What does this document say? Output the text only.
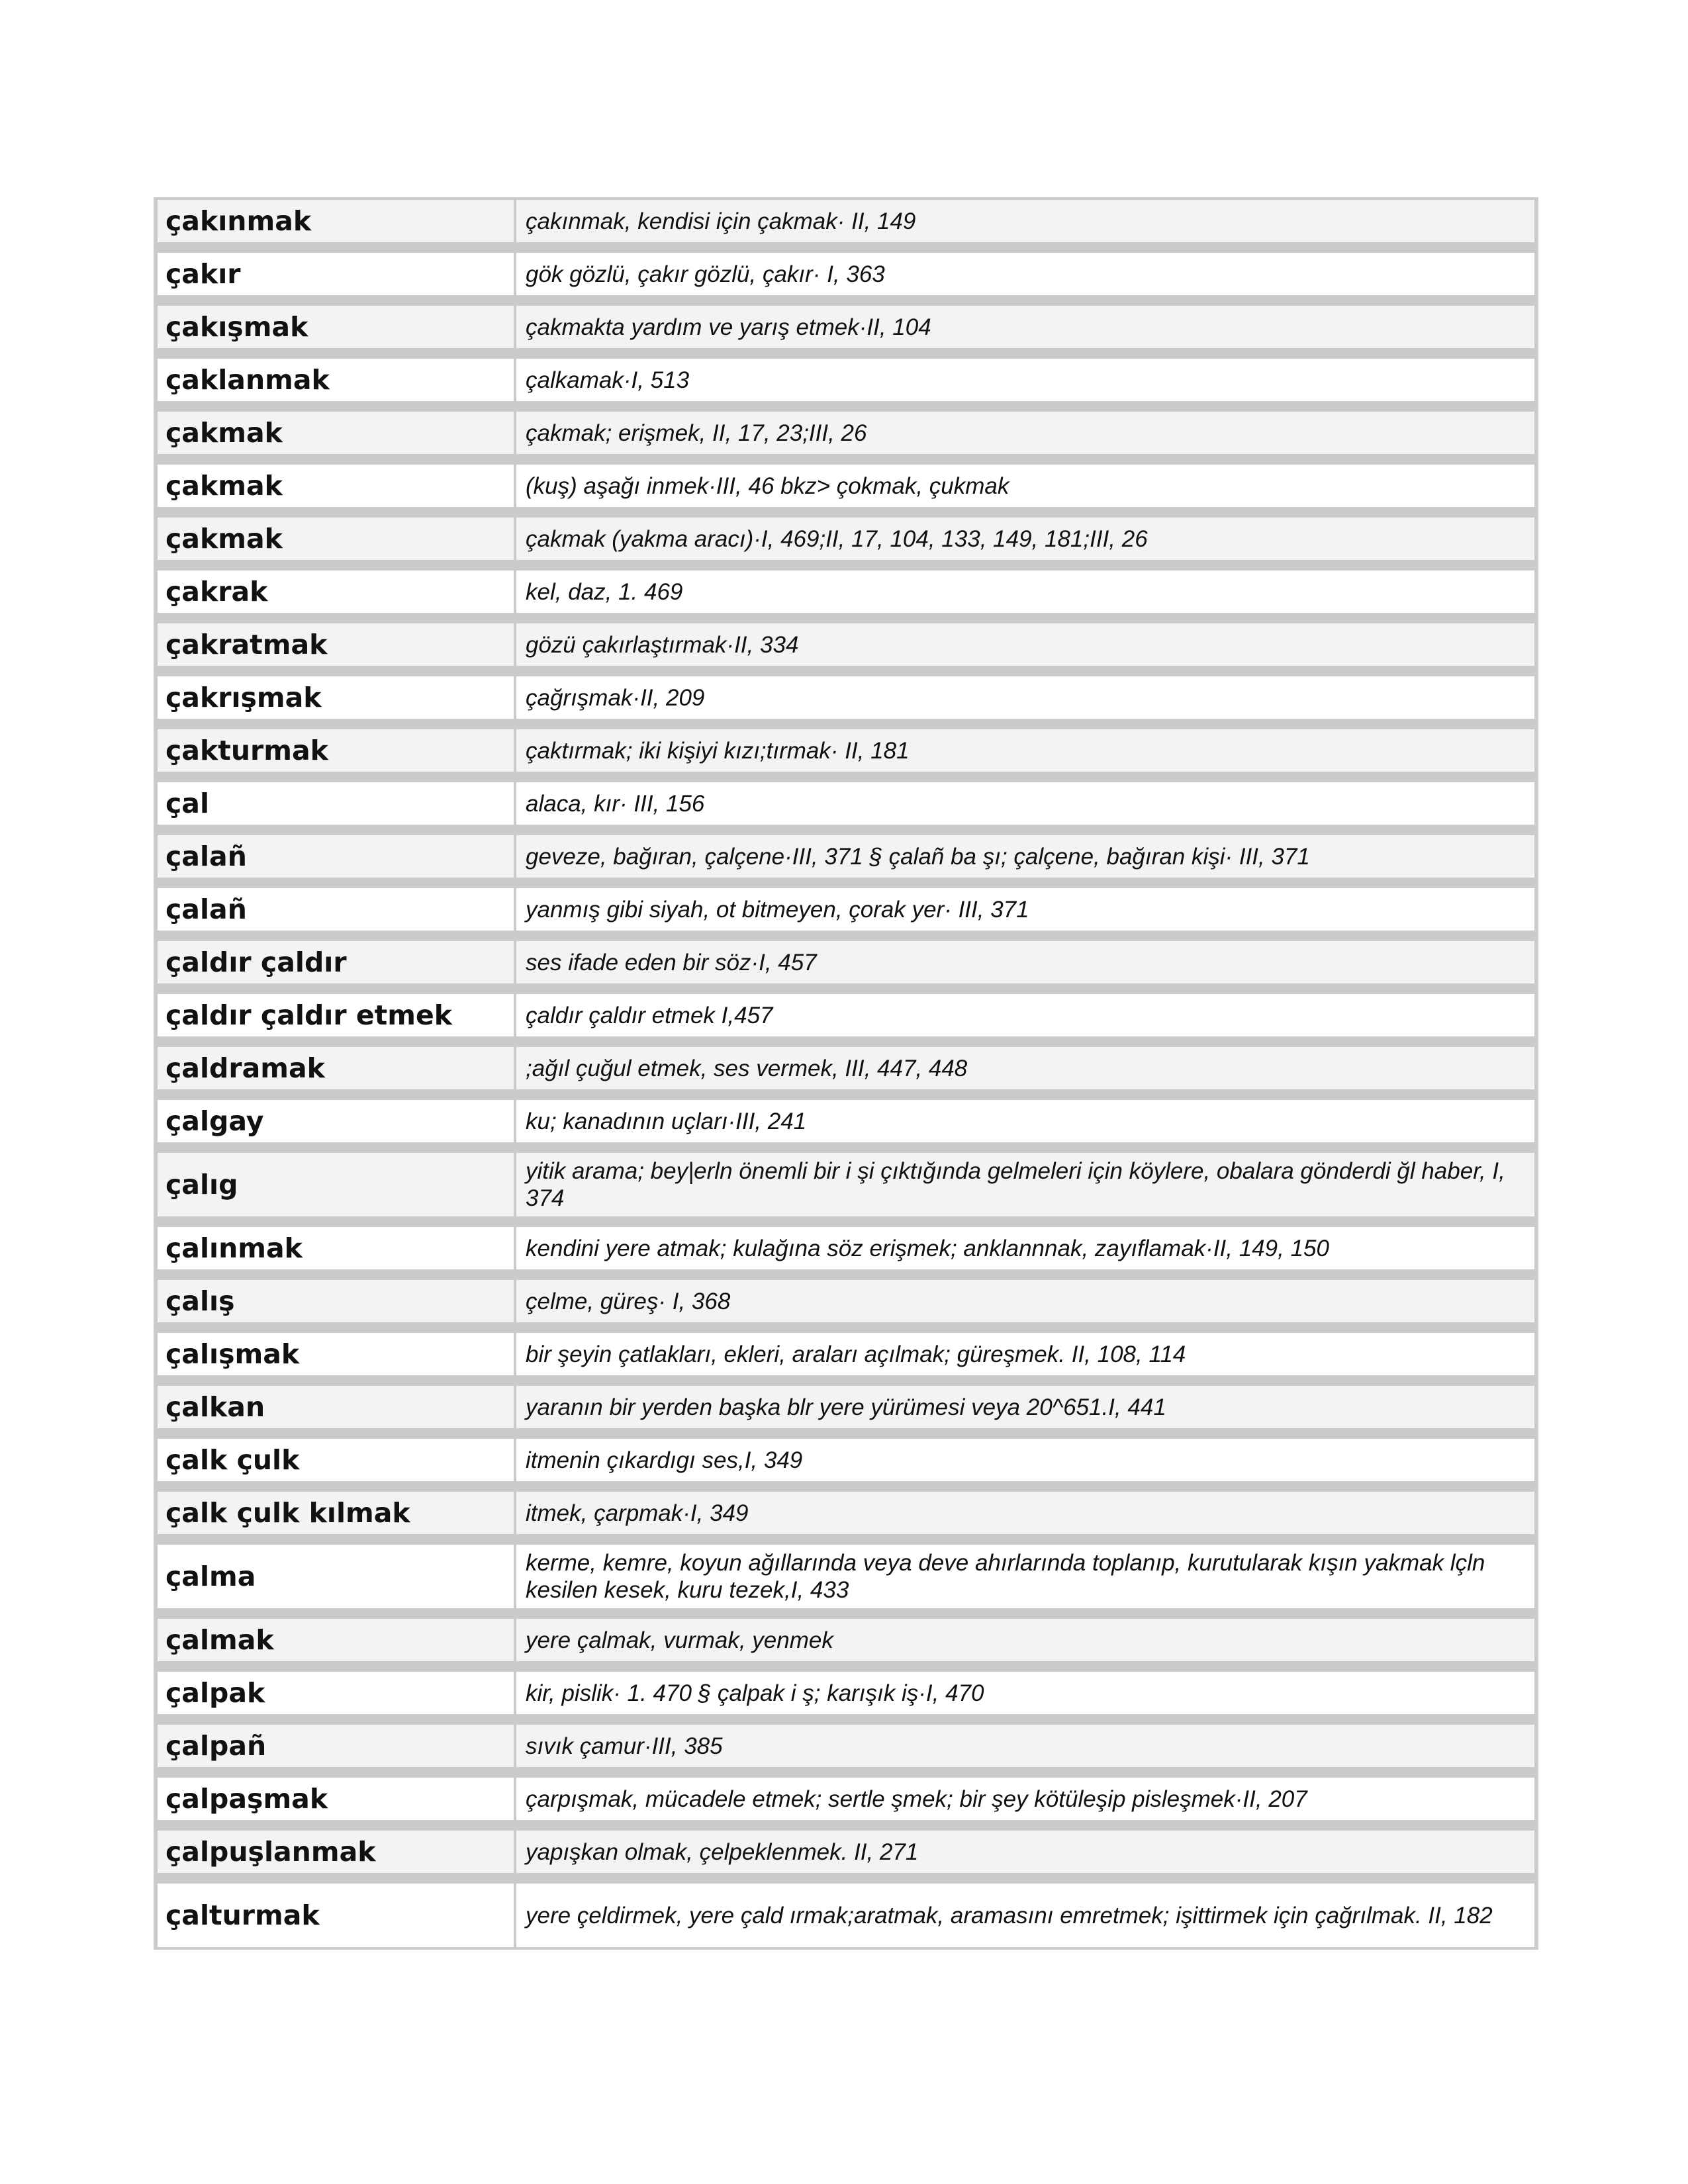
çakınmak	çakınmak, kendisi için çakmak· II, 149
çakır	gök gözlü, çakır gözlü, çakır· I, 363
çakışmak	çakmakta yardım ve yarış etmek·II, 104
çaklanmak	çalkamak·I, 513
çakmak	çakmak; erişmek, II, 17, 23;III, 26
çakmak	(kuş) aşağı inmek·III, 46 bkz> çokmak, çukmak
çakmak	çakmak (yakma aracı)·I, 469;II, 17, 104, 133, 149, 181;III, 26
çakrak	kel, daz, 1. 469
çakratmak	gözü çakırlaştırmak·II, 334
çakrışmak	çağrışmak·II, 209
çakturmak	çaktırmak; iki kişiyi kızı;tırmak· II, 181
çal	alaca, kır· III, 156
çalañ	geveze, bağıran, çalçene·III, 371 § çalañ ba şı; çalçene, bağıran kişi· III, 371
çalañ	yanmış gibi siyah, ot bitmeyen, çorak yer· III, 371
çaldır çaldır	ses ifade eden bir söz·I, 457
çaldır çaldır etmek	çaldır çaldır etmek I,457
çaldramak	;ağıl çuğul etmek, ses vermek, III, 447, 448
çalgay	ku; kanadının uçları·III, 241
çalıg	yitik arama; bey|erln önemli bir i şi çıktığında gelmeleri için köylere, obalara gönderdi ğl haber, I, 374
çalınmak	kendini yere atmak; kulağına söz erişmek; anklannnak, zayıflamak·II, 149, 150
çalış	çelme, güreş· I, 368
çalışmak	bir şeyin çatlakları, ekleri, araları açılmak; güreşmek. II, 108, 114
çalkan	yaranın bir yerden başka blr yere yürümesi veya 20^651.I, 441
çalk çulk	itmenin çıkardıgı ses,I, 349
çalk çulk kılmak	itmek, çarpmak·I, 349
çalma	kerme, kemre, koyun ağıllarında veya deve ahırlarında toplanıp, kurutularak kışın yakmak lçln kesilen kesek, kuru tezek,I, 433
çalmak	yere çalmak, vurmak, yenmek
çalpak	kir, pislik· 1. 470 § çalpak i ş; karışık iş·I, 470
çalpañ	sıvık çamur·III, 385
çalpaşmak	çarpışmak, mücadele etmek; sertle şmek; bir şey kötüleşip pisleşmek·II, 207
çalpuşlanmak	yapışkan olmak, çelpeklenmek. II, 271
çalturmak	yere çeldirmek, yere çald ırmak;aratmak, aramasını emretmek; işittirmek için çağrılmak. II, 182
